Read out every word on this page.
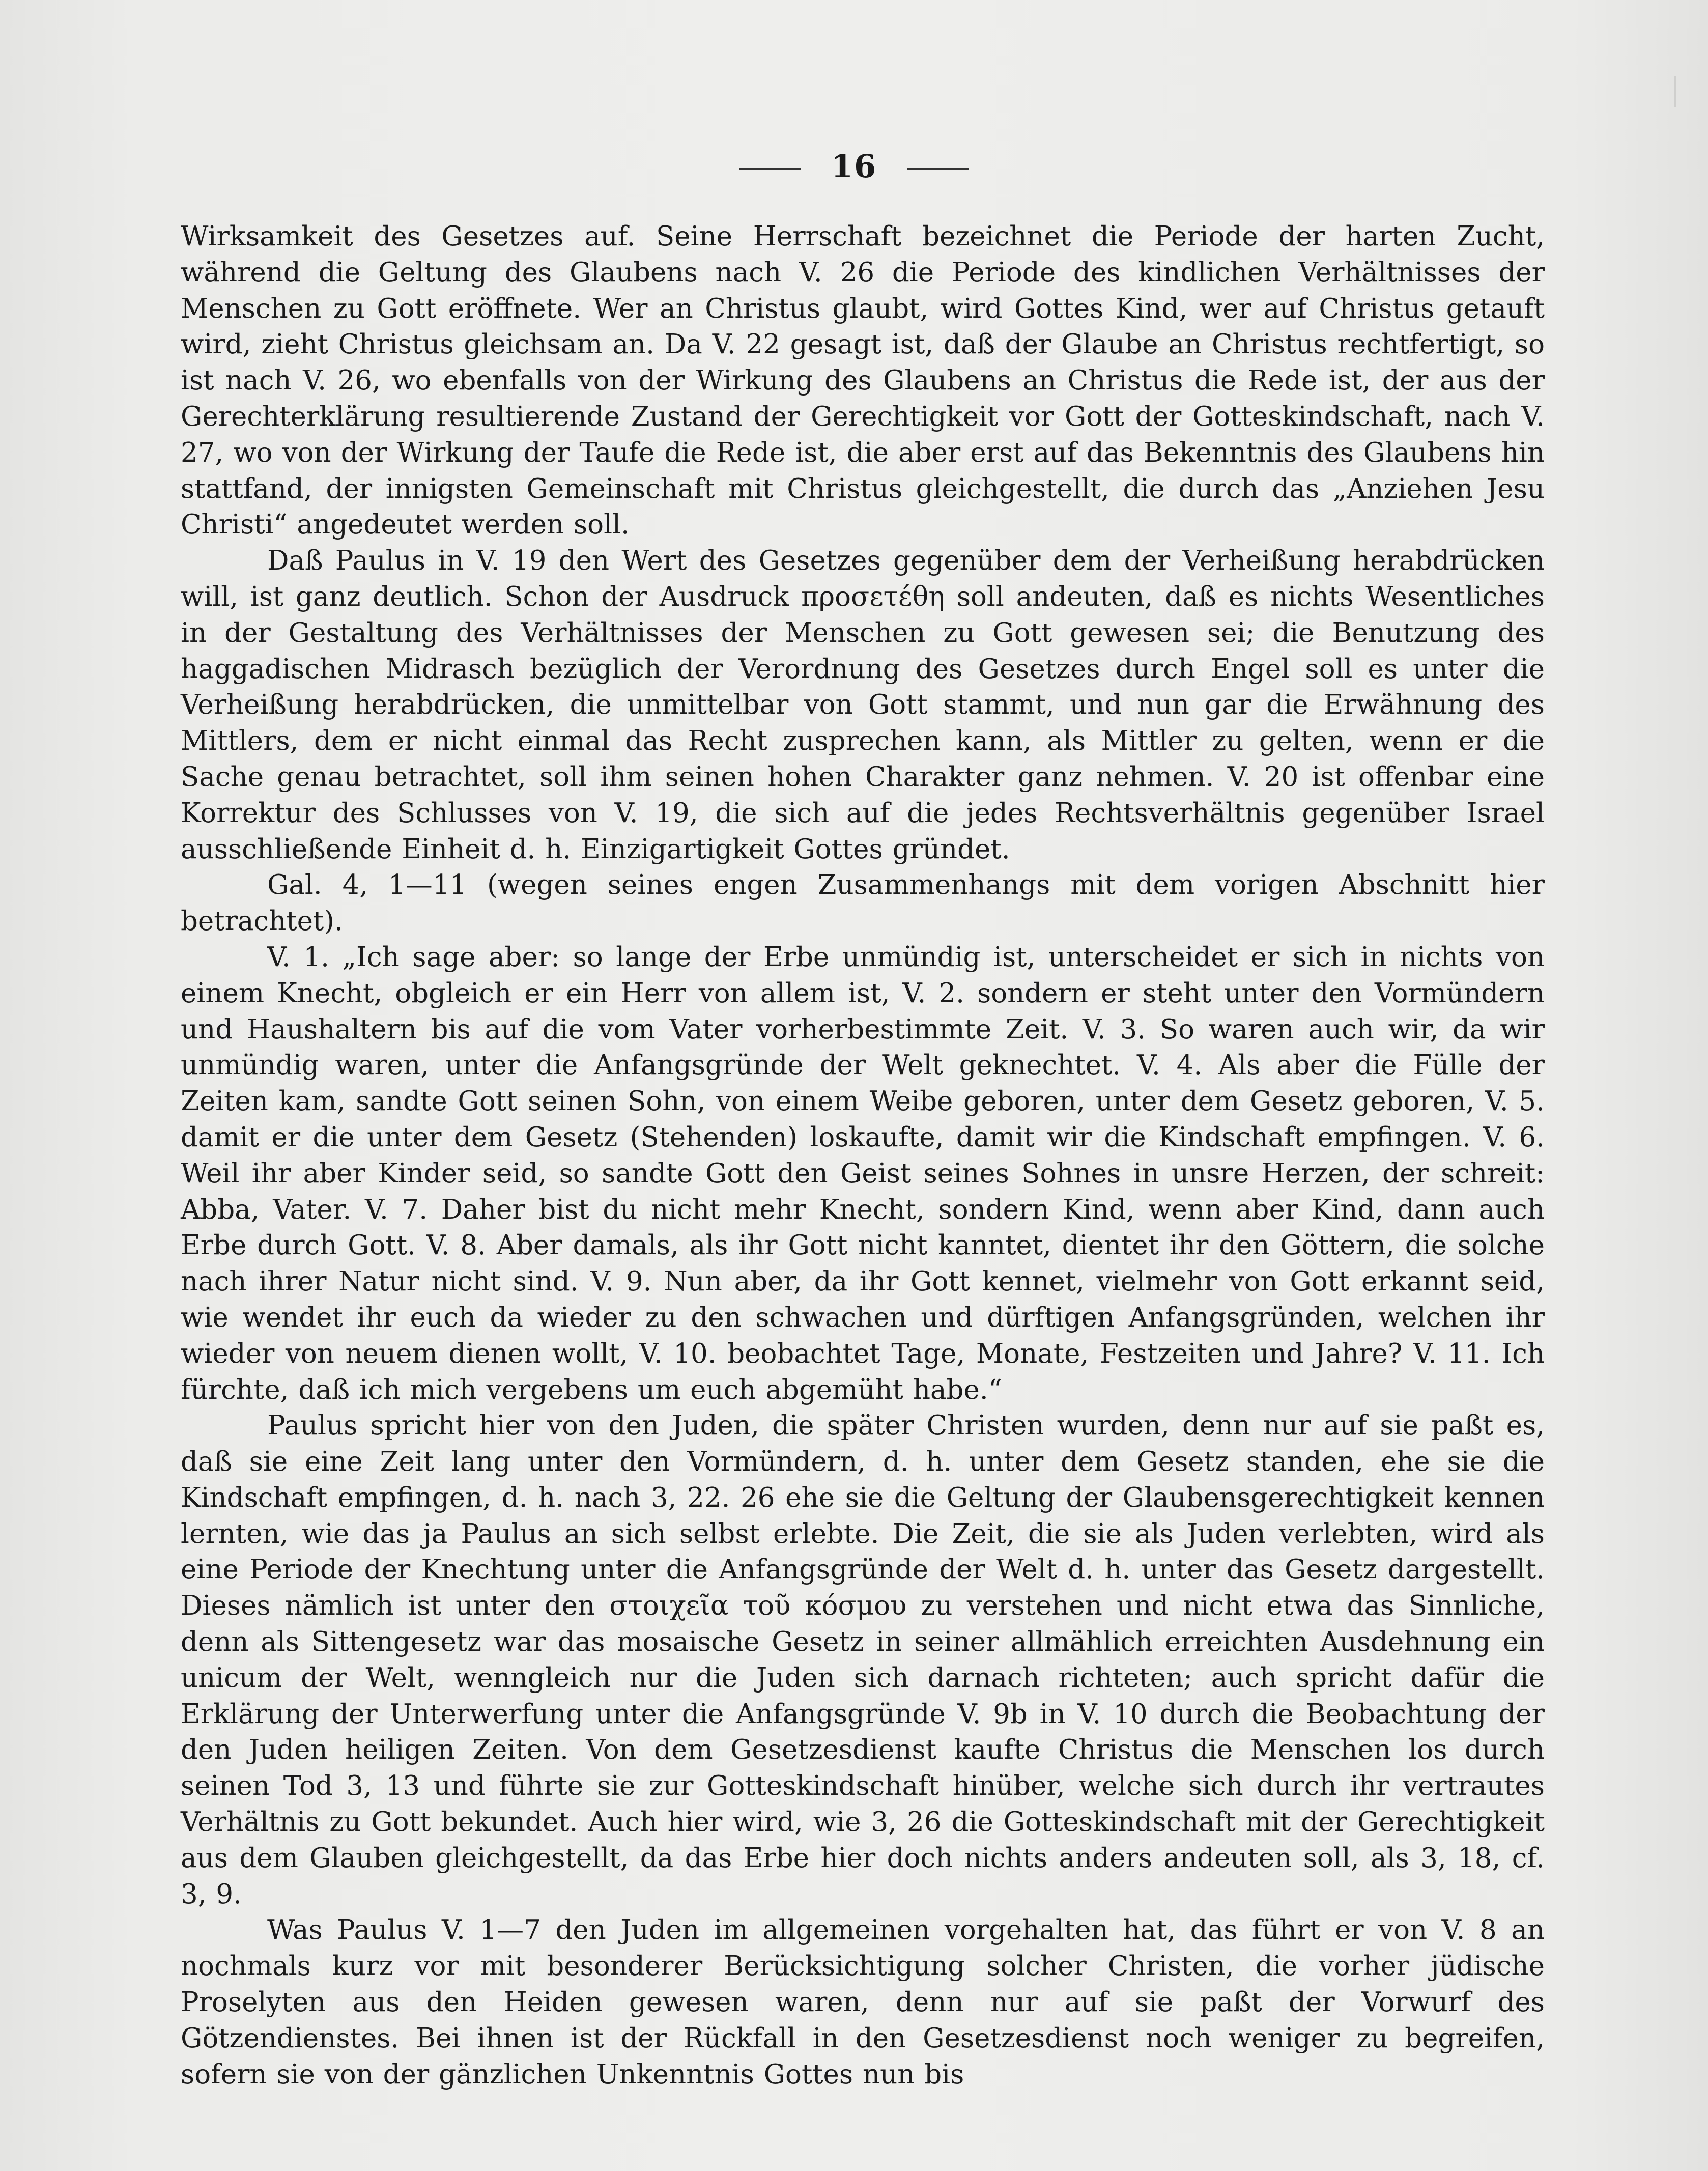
16

Wirksamkeit des Gesetzes auf. Seine Herrschaft bezeichnet die Periode der harten Zucht, während die Geltung des Glaubens nach V. 26 die Periode des kindlichen Verhältnisses der Menschen zu Gott eröffnete. Wer an Christus glaubt, wird Gottes Kind, wer auf Christus getauft wird, zieht Christus gleichsam an. Da V. 22 gesagt ist, daß der Glaube an Christus rechtfertigt, so ist nach V. 26, wo ebenfalls von der Wirkung des Glaubens an Christus die Rede ist, der aus der Gerechterklärung resultierende Zustand der Gerechtigkeit vor Gott der Gotteskindschaft, nach V. 27, wo von der Wirkung der Taufe die Rede ist, die aber erst auf das Bekenntnis des Glaubens hin stattfand, der innigsten Gemeinschaft mit Christus gleichgestellt, die durch das „Anziehen Jesu Christi“ angedeutet werden soll.

Daß Paulus in V. 19 den Wert des Gesetzes gegenüber dem der Verheißung herabdrücken will, ist ganz deutlich. Schon der Ausdruck προσετέθη soll andeuten, daß es nichts Wesentliches in der Gestaltung des Verhältnisses der Menschen zu Gott gewesen sei; die Benutzung des haggadischen Midrasch bezüglich der Verordnung des Gesetzes durch Engel soll es unter die Verheißung herabdrücken, die unmittelbar von Gott stammt, und nun gar die Erwähnung des Mittlers, dem er nicht einmal das Recht zusprechen kann, als Mittler zu gelten, wenn er die Sache genau betrachtet, soll ihm seinen hohen Charakter ganz nehmen. V. 20 ist offenbar eine Korrektur des Schlusses von V. 19, die sich auf die jedes Rechtsverhältnis gegenüber Israel ausschließende Einheit d. h. Einzigartigkeit Gottes gründet.

Gal. 4, 1—11 (wegen seines engen Zusammenhangs mit dem vorigen Abschnitt hier betrachtet).

V. 1. „Ich sage aber: so lange der Erbe unmündig ist, unterscheidet er sich in nichts von einem Knecht, obgleich er ein Herr von allem ist, V. 2. sondern er steht unter den Vormündern und Haushaltern bis auf die vom Vater vorherbestimmte Zeit. V. 3. So waren auch wir, da wir unmündig waren, unter die Anfangsgründe der Welt geknechtet. V. 4. Als aber die Fülle der Zeiten kam, sandte Gott seinen Sohn, von einem Weibe geboren, unter dem Gesetz geboren, V. 5. damit er die unter dem Gesetz (Stehenden) loskaufte, damit wir die Kindschaft empfingen. V. 6. Weil ihr aber Kinder seid, so sandte Gott den Geist seines Sohnes in unsre Herzen, der schreit: Abba, Vater. V. 7. Daher bist du nicht mehr Knecht, sondern Kind, wenn aber Kind, dann auch Erbe durch Gott. V. 8. Aber damals, als ihr Gott nicht kanntet, dientet ihr den Göttern, die solche nach ihrer Natur nicht sind. V. 9. Nun aber, da ihr Gott kennet, vielmehr von Gott erkannt seid, wie wendet ihr euch da wieder zu den schwachen und dürftigen Anfangsgründen, welchen ihr wieder von neuem dienen wollt, V. 10. beobachtet Tage, Monate, Festzeiten und Jahre? V. 11. Ich fürchte, daß ich mich vergebens um euch abgemüht habe.“

Paulus spricht hier von den Juden, die später Christen wurden, denn nur auf sie paßt es, daß sie eine Zeit lang unter den Vormündern, d. h. unter dem Gesetz standen, ehe sie die Kindschaft empfingen, d. h. nach 3, 22. 26 ehe sie die Geltung der Glaubensgerechtigkeit kennen lernten, wie das ja Paulus an sich selbst erlebte. Die Zeit, die sie als Juden verlebten, wird als eine Periode der Knechtung unter die Anfangsgründe der Welt d. h. unter das Gesetz dargestellt. Dieses nämlich ist unter den στοιχεῖα τοῦ κόσμου zu verstehen und nicht etwa das Sinnliche, denn als Sittengesetz war das mosaische Gesetz in seiner allmählich erreichten Ausdehnung ein unicum der Welt, wenngleich nur die Juden sich darnach richteten; auch spricht dafür die Erklärung der Unterwerfung unter die Anfangsgründe V. 9b in V. 10 durch die Beobachtung der den Juden heiligen Zeiten. Von dem Gesetzesdienst kaufte Christus die Menschen los durch seinen Tod 3, 13 und führte sie zur Gotteskindschaft hinüber, welche sich durch ihr vertrautes Verhältnis zu Gott bekundet. Auch hier wird, wie 3, 26 die Gotteskindschaft mit der Gerechtigkeit aus dem Glauben gleichgestellt, da das Erbe hier doch nichts anders andeuten soll, als 3, 18, cf. 3, 9.

Was Paulus V. 1—7 den Juden im allgemeinen vorgehalten hat, das führt er von V. 8 an nochmals kurz vor mit besonderer Berücksichtigung solcher Christen, die vorher jüdische Proselyten aus den Heiden gewesen waren, denn nur auf sie paßt der Vorwurf des Götzendienstes. Bei ihnen ist der Rückfall in den Gesetzesdienst noch weniger zu begreifen, sofern sie von der gänzlichen Unkenntnis Gottes nun bis
